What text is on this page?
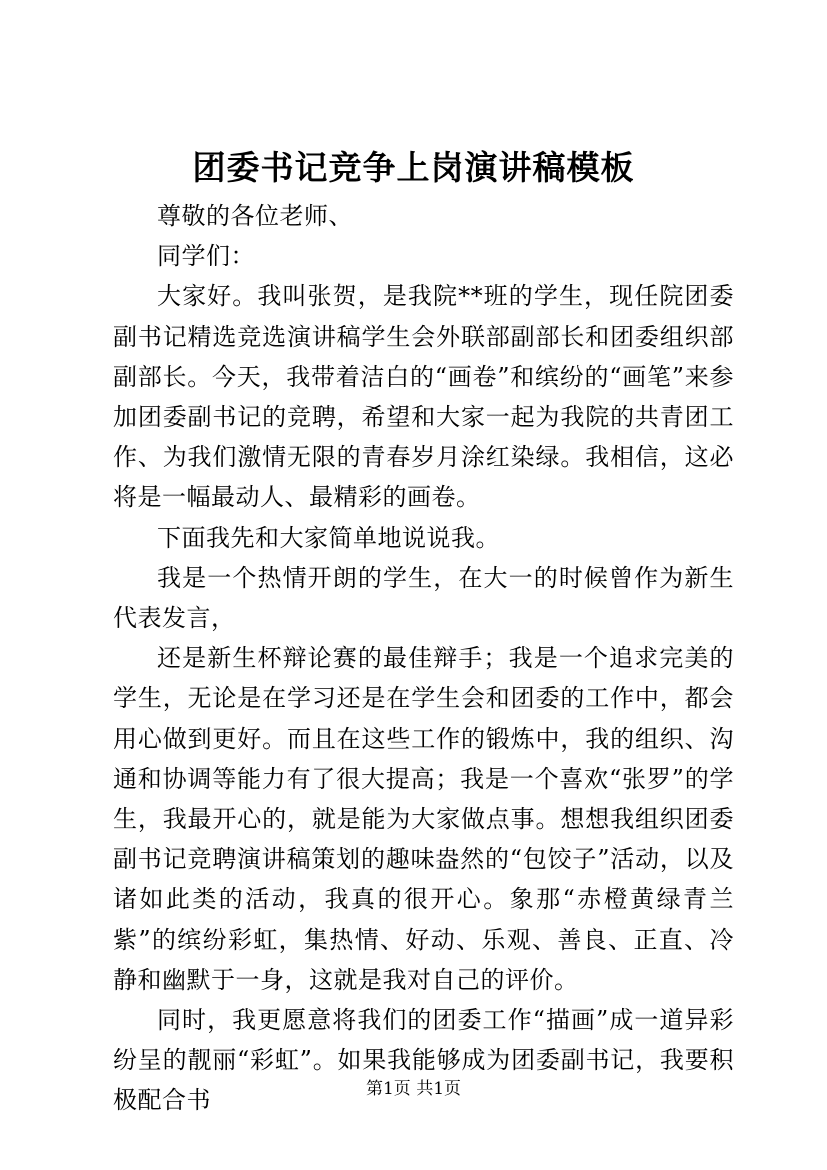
团委书记竞争上岗演讲稿模板

尊敬的各位老师、

同学们：

大家好。我叫张贺，是我院**班的学生，现任院团委副书记精选竞选演讲稿学生会外联部副部长和团委组织部副部长。今天，我带着洁白的“画卷”和缤纷的“画笔”来参加团委副书记的竞聘，希望和大家一起为我院的共青团工作、为我们激情无限的青春岁月涂红染绿。我相信，这必将是一幅最动人、最精彩的画卷。

下面我先和大家简单地说说我。

我是一个热情开朗的学生，在大一的时候曾作为新生代表发言，

还是新生杯辩论赛的最佳辩手；我是一个追求完美的学生，无论是在学习还是在学生会和团委的工作中，都会用心做到更好。而且在这些工作的锻炼中，我的组织、沟通和协调等能力有了很大提高；我是一个喜欢“张罗”的学生，我最开心的，就是能为大家做点事。想想我组织团委副书记竞聘演讲稿策划的趣味盎然的“包饺子”活动，以及诸如此类的活动，我真的很开心。象那“赤橙黄绿青兰紫”的缤纷彩虹，集热情、好动、乐观、善良、正直、冷静和幽默于一身，这就是我对自己的评价。

同时，我更愿意将我们的团委工作“描画”成一道异彩纷呈的靓丽“彩虹”。如果我能够成为团委副书记，我要积极配合书	第1页 共1页
